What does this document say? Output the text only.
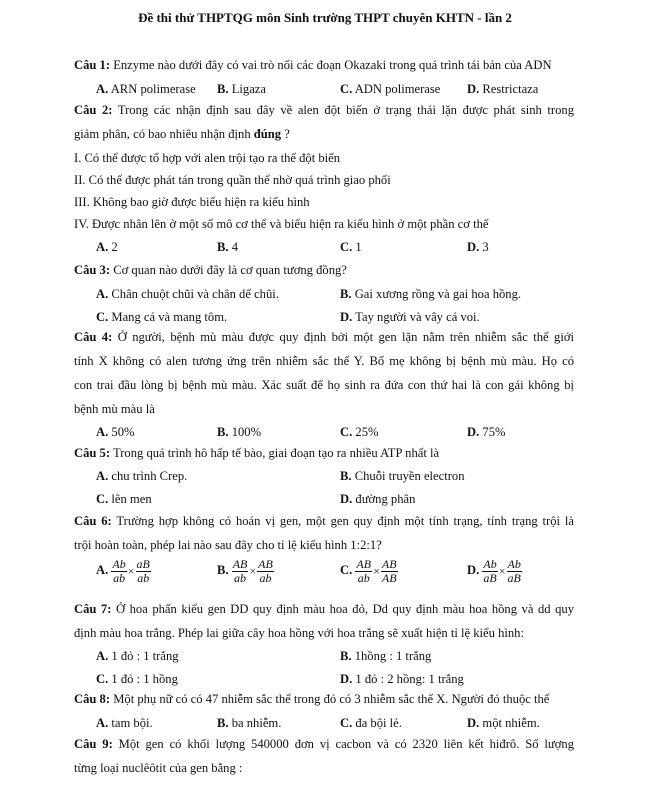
Đề thi thử THPTQG môn Sinh trường THPT chuyên KHTN - lần 2
Câu 1: Enzyme nào dưới đây có vai trò nối các đoạn Okazaki trong quá trình tái bản của ADN
A. ARN polimerase B. Ligaza	C. ADN polimerase D. Restrictaza
Câu 2: Trong các nhận định sau đây về alen đột biến ở trạng thái lặn được phát sinh trong
giảm phân, có bao nhiêu nhận định đúng ?
I. Có thể được tổ hợp với alen trội tạo ra thể đột biến
II. Có thể được phát tán trong quần thể nhờ quá trình giao phối
III. Không bao giờ được biểu hiện ra kiểu hình
IV. Được nhân lên ở một số mô cơ thể và biểu hiện ra kiểu hình ở một phần cơ thể
A. 2	B. 4	C. 1	D. 3
Câu 3: Cơ quan nào dưới đây là cơ quan tương đồng?
A. Chân chuột chũi và chân dế chũi.	B. Gai xương rồng và gai hoa hồng.
C. Mang cá và mang tôm.	D. Tay người và vây cá voi.
Câu 4: Ở người, bệnh mù màu được quy định bởi một gen lặn nằm trên nhiễm sắc thể giới
tính X không có alen tương ứng trên nhiễm sắc thể Y. Bố mẹ không bị bệnh mù màu. Họ có
con trai đầu lòng bị bệnh mù màu. Xác suất để họ sinh ra đứa con thứ hai là con gái không bị
bệnh mù màu là
A. 50%	B. 100%	C. 25%	D. 75%
Câu 5: Trong quá trình hô hấp tế bào, giai đoạn tạo ra nhiều ATP nhất là
A. chu trình Crep.	B. Chuỗi truyền electron
C. lên men	D. đường phân
Câu 6: Trường hợp không có hoán vị gen, một gen quy định một tính trạng, tính trạng trội là
trội hoàn toàn, phép lai nào sau đây cho tỉ lệ kiểu hình 1:2:1?
A. $\frac{Ab}{ab} \times \frac{aB}{ab}$	B. $\frac{AB}{ab} \times \frac{AB}{ab}$	C. $\frac{AB}{ab} \times \frac{AB}{AB}$	D. $\frac{Ab}{aB} \times \frac{Ab}{aB}$
Câu 7: Ở hoa phấn kiểu gen DD quy định màu hoa đỏ, Dd quy định màu hoa hồng và dd quy
định màu hoa trắng. Phép lai giữa cây hoa hồng với hoa trắng sẽ xuất hiện tỉ lệ kiểu hình:
A. 1 đỏ : 1 trắng	B. 1hồng : 1 trắng
C. 1 đỏ : 1 hồng	D. 1 đỏ : 2 hồng: 1 trắng
Câu 8: Một phụ nữ có có 47 nhiễm sắc thể trong đó có 3 nhiễm sắc thể X. Người đó thuộc thể
A. tam bội.	B. ba nhiễm.	C. đa bội lẻ.	D. một nhiễm.
Câu 9: Một gen có khối lượng 540000 đơn vị cacbon và có 2320 liên kết hiđrô. Số lượng
từng loại nuclêôtit của gen bằng :
